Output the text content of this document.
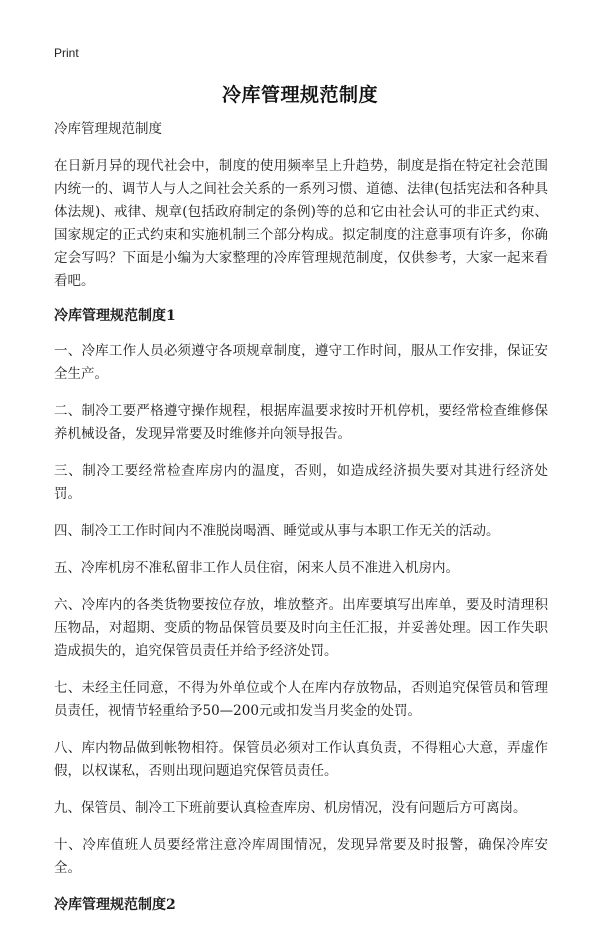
Print
冷库管理规范制度

冷库管理规范制度

在日新月异的现代社会中，制度的使用频率呈上升趋势，制度是指在特定社会范围内统一的、调节人与人之间社会关系的一系列习惯、道德、法律(包括宪法和各种具体法规)、戒律、规章(包括政府制定的条例)等的总和它由社会认可的非正式约束、国家规定的正式约束和实施机制三个部分构成。拟定制度的注意事项有许多，你确定会写吗？下面是小编为大家整理的冷库管理规范制度，仅供参考，大家一起来看看吧。

冷库管理规范制度1

一、冷库工作人员必须遵守各项规章制度，遵守工作时间，服从工作安排，保证安全生产。

二、制冷工要严格遵守操作规程，根据库温要求按时开机停机，要经常检查维修保养机械设备，发现异常要及时维修并向领导报告。

三、制冷工要经常检查库房内的温度，否则，如造成经济损失要对其进行经济处罚。

四、制冷工工作时间内不准脱岗喝酒、睡觉或从事与本职工作无关的活动。

五、冷库机房不准私留非工作人员住宿，闲来人员不准进入机房内。

六、冷库内的各类货物要按位存放，堆放整齐。出库要填写出库单，要及时清理积压物品，对超期、变质的物品保管员要及时向主任汇报，并妥善处理。因工作失职造成损失的，追究保管员责任并给予经济处罚。

七、未经主任同意，不得为外单位或个人在库内存放物品，否则追究保管员和管理员责任，视情节轻重给予50—200元或扣发当月奖金的处罚。

八、库内物品做到帐物相符。保管员必须对工作认真负责，不得粗心大意，弄虚作假，以权谋私，否则出现问题追究保管员责任。

九、保管员、制冷工下班前要认真检查库房、机房情况，没有问题后方可离岗。

十、冷库值班人员要经常注意冷库周围情况，发现异常要及时报警，确保冷库安全。

冷库管理规范制度2
